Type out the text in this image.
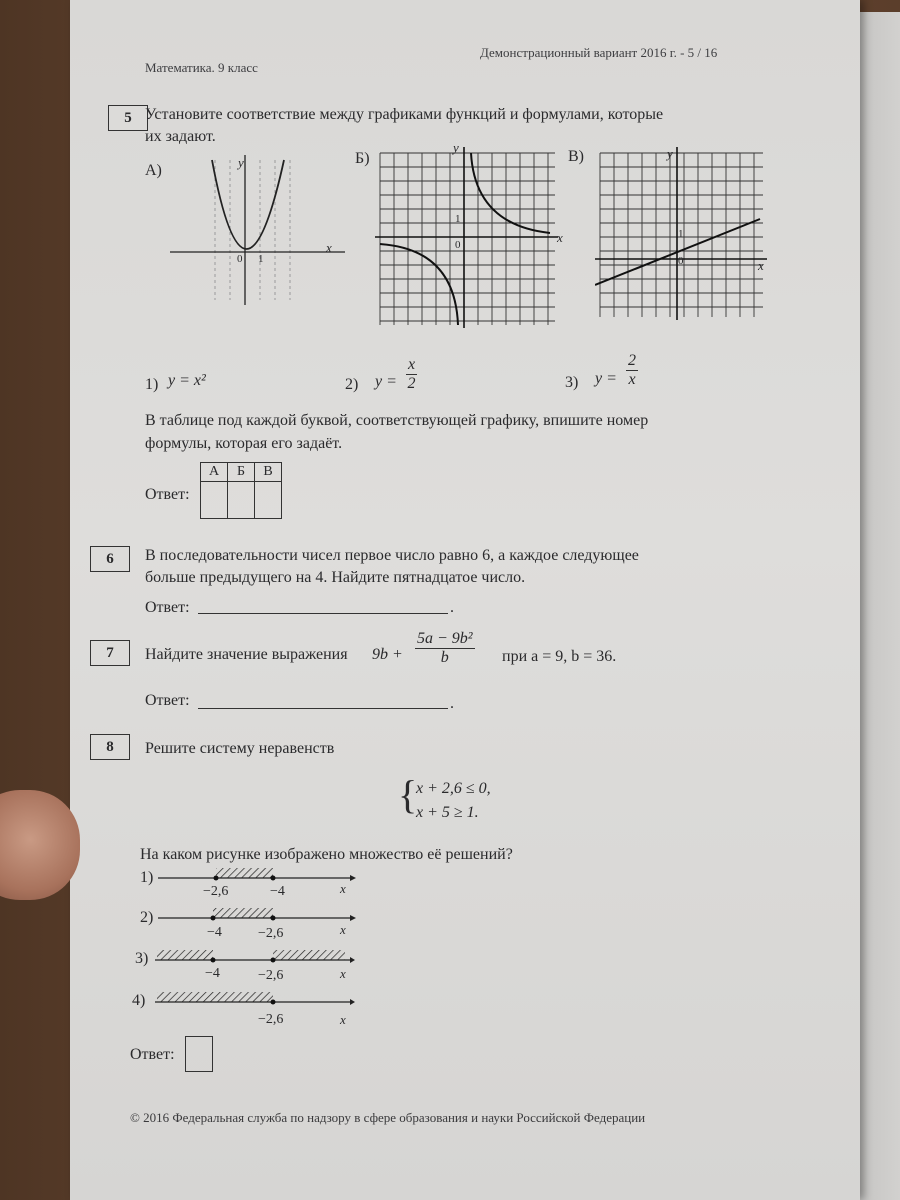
Математика. 9 класс
Демонстрационный вариант 2016 г. - 5 / 16
5 Установите соответствие между графиками функций и формулами, которые
их задают.
А)
Б)	В)
x
y
0 1
x
y
0
1
x
y
0
1
1) y = x²	2) $y = \frac{x}{2}$	3) $y = \frac{2}{x}$
В таблице под каждой буквой, соответствующей графику, впишите номер
формулы, которая его задаёт.
Ответ:
А	Б	В

6	В последовательности чисел первое число равно 6, а каждое следующее
больше предыдущего на 4. Найдите пятнадцатое число.
Ответ:	.
7	Найдите значение выражения $9b + \frac{\text{5a − 9b²}}{b}$ при a = 9, b = 36.
Ответ:	.
8	Решите систему неравенств
{
x + 2,6 ≤ 0,
x + 5 ≥ 1.
На каком рисунке изображено множество её решений?
1)
−2,6	−4	x
2)
−4	−2,6	x
3)
−4	−2,6	x
4)
−2,6	x
Ответ:
© 2016 Федеральная служба по надзору в сфере образования и науки Российской Федерации
